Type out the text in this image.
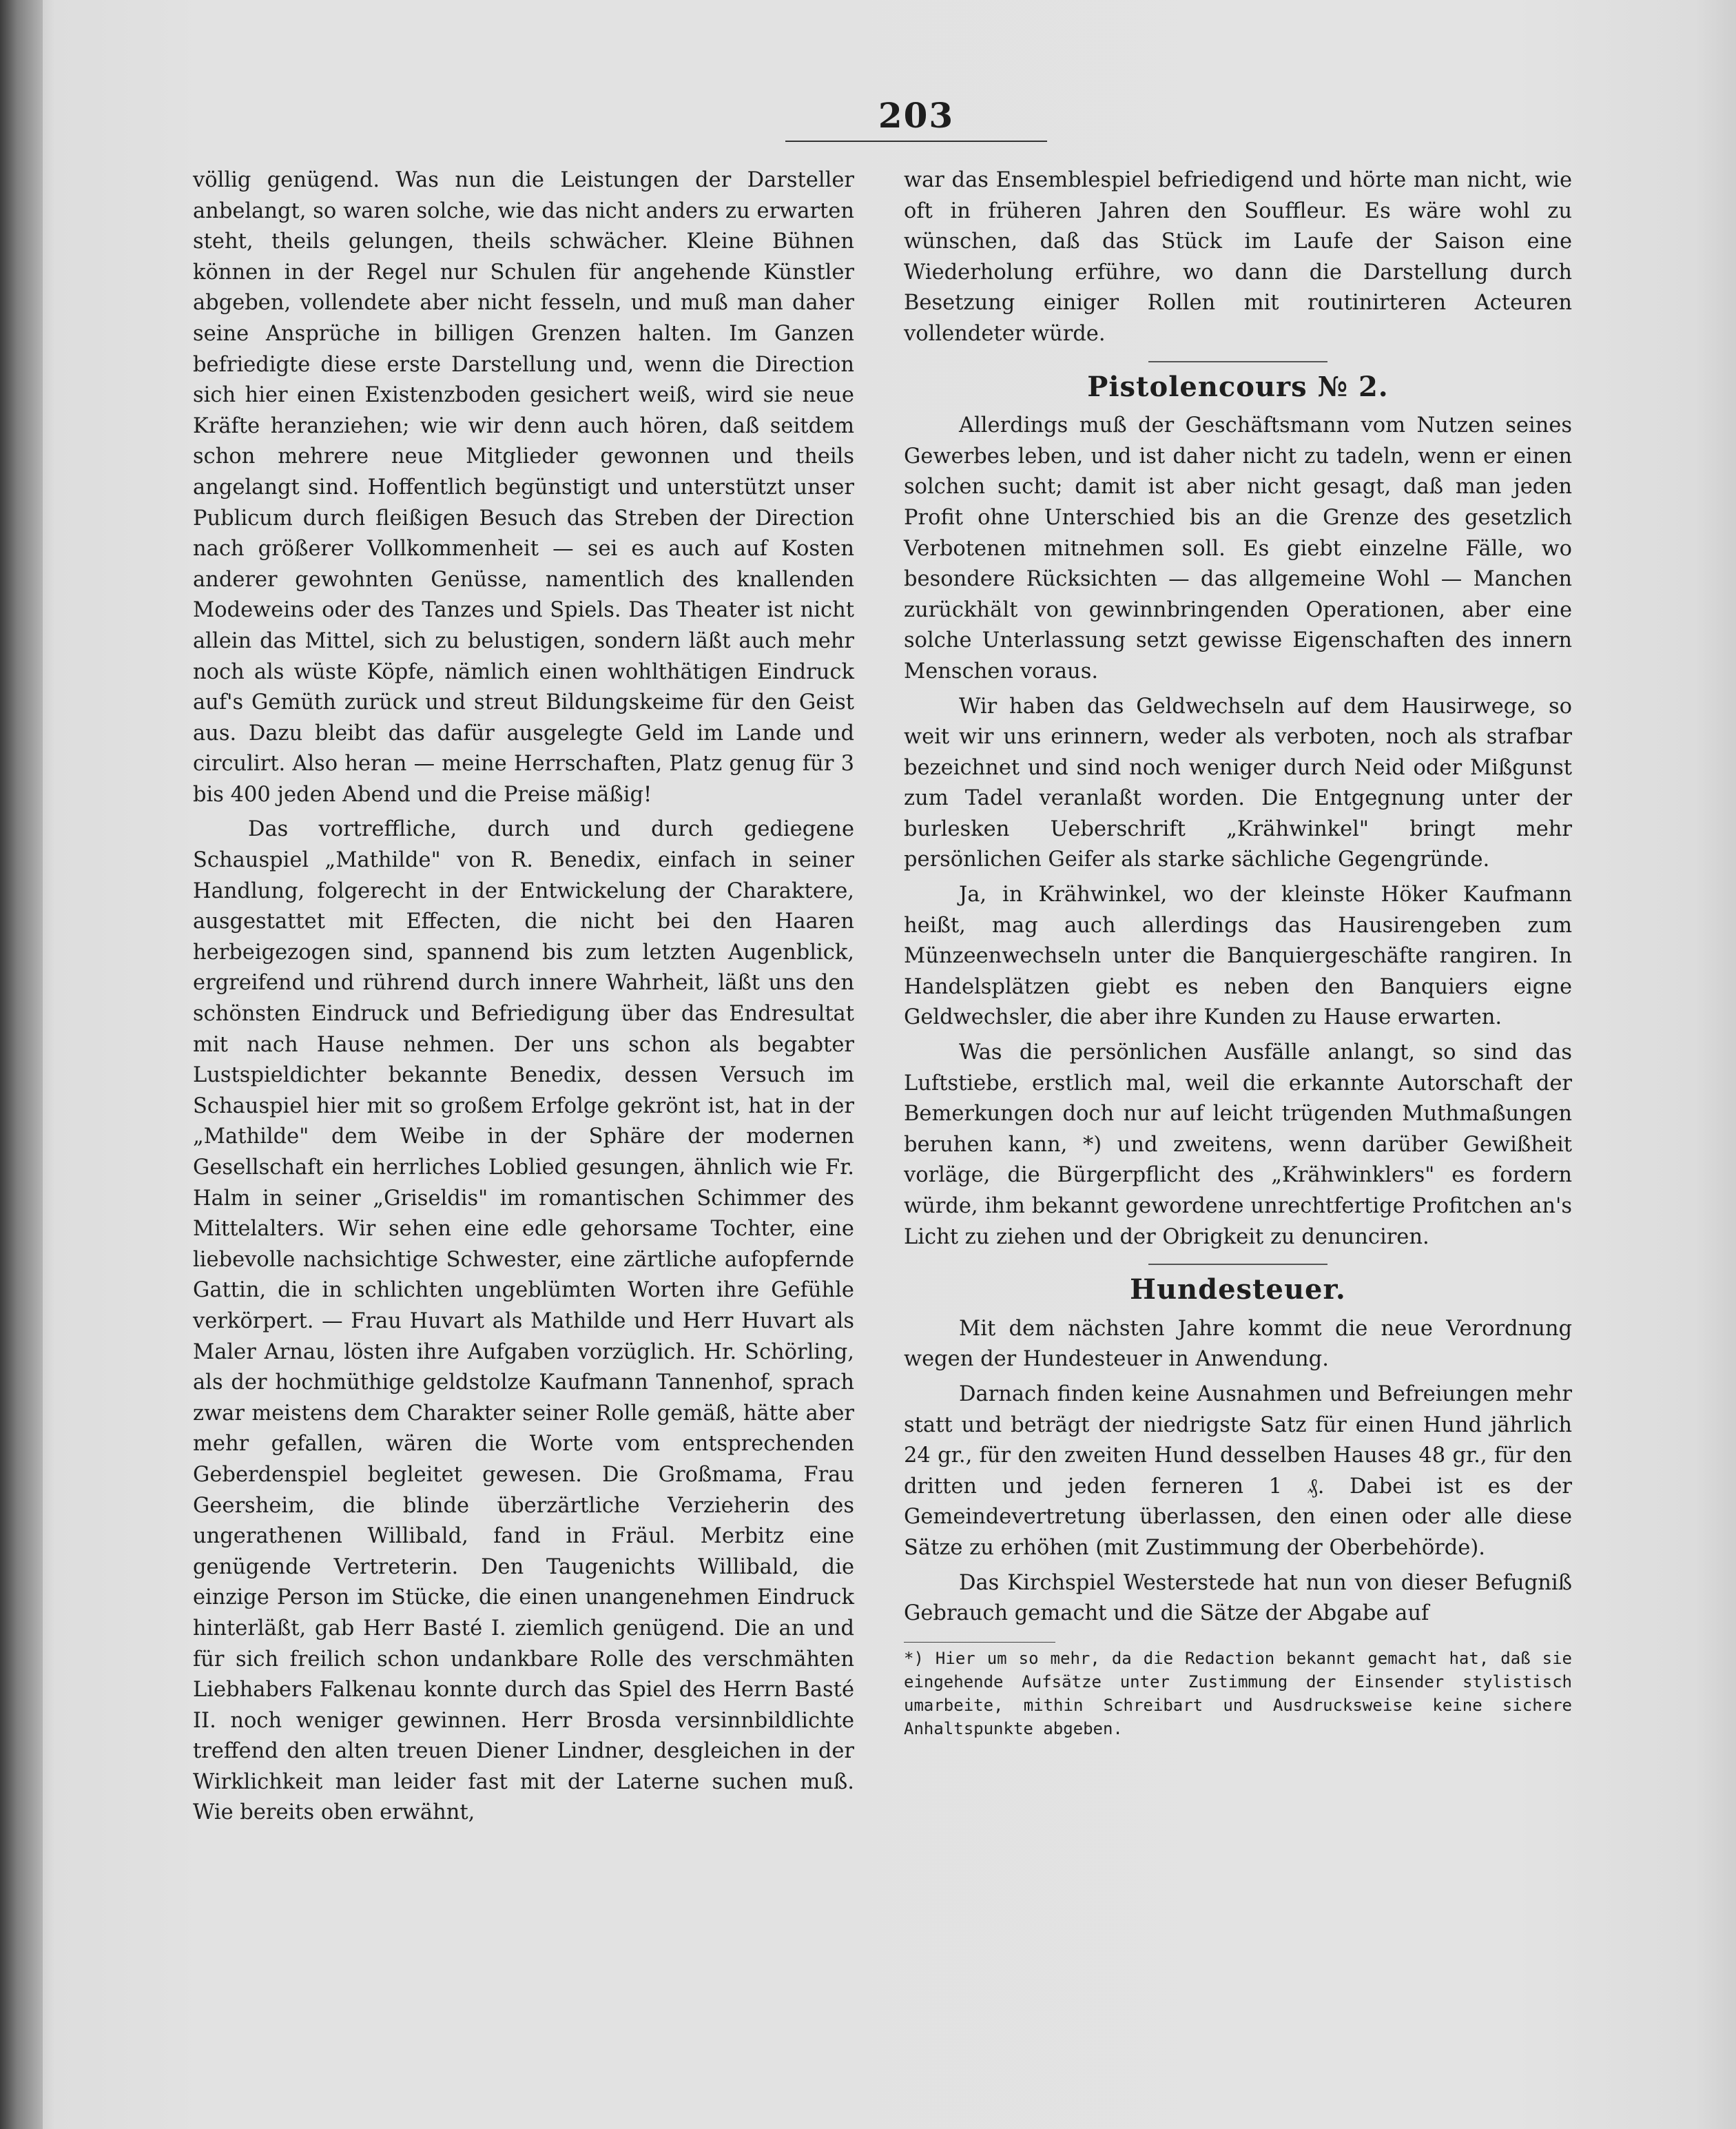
203

völlig genügend. Was nun die Leistungen der Darsteller anbelangt, so waren solche, wie das nicht anders zu erwarten steht, theils gelungen, theils schwächer. Kleine Bühnen können in der Regel nur Schulen für angehende Künstler abgeben, vollendete aber nicht fesseln, und muß man daher seine Ansprüche in billigen Grenzen halten. Im Ganzen befriedigte diese erste Darstellung und, wenn die Direction sich hier einen Existenzboden gesichert weiß, wird sie neue Kräfte heranziehen; wie wir denn auch hören, daß seitdem schon mehrere neue Mitglieder gewonnen und theils angelangt sind. Hoffentlich begünstigt und unterstützt unser Publicum durch fleißigen Besuch das Streben der Direction nach größerer Vollkommenheit — sei es auch auf Kosten anderer gewohnten Genüsse, namentlich des knallenden Modeweins oder des Tanzes und Spiels. Das Theater ist nicht allein das Mittel, sich zu belustigen, sondern läßt auch mehr noch als wüste Köpfe, nämlich einen wohlthätigen Eindruck auf's Gemüth zurück und streut Bildungskeime für den Geist aus. Dazu bleibt das dafür ausgelegte Geld im Lande und circulirt. Also heran — meine Herrschaften, Platz genug für 3 bis 400 jeden Abend und die Preise mäßig!

Das vortreffliche, durch und durch gediegene Schauspiel „Mathilde" von R. Benedix, einfach in seiner Handlung, folgerecht in der Entwickelung der Charaktere, ausgestattet mit Effecten, die nicht bei den Haaren herbeigezogen sind, spannend bis zum letzten Augenblick, ergreifend und rührend durch innere Wahrheit, läßt uns den schönsten Eindruck und Befriedigung über das Endresultat mit nach Hause nehmen. Der uns schon als begabter Lustspieldichter bekannte Benedix, dessen Versuch im Schauspiel hier mit so großem Erfolge gekrönt ist, hat in der „Mathilde" dem Weibe in der Sphäre der modernen Gesellschaft ein herrliches Loblied gesungen, ähnlich wie Fr. Halm in seiner „Griseldis" im romantischen Schimmer des Mittelalters. Wir sehen eine edle gehorsame Tochter, eine liebevolle nachsichtige Schwester, eine zärtliche aufopfernde Gattin, die in schlichten ungeblümten Worten ihre Gefühle verkörpert. — Frau Huvart als Mathilde und Herr Huvart als Maler Arnau, lösten ihre Aufgaben vorzüglich. Hr. Schörling, als der hochmüthige geldstolze Kaufmann Tannenhof, sprach zwar meistens dem Charakter seiner Rolle gemäß, hätte aber mehr gefallen, wären die Worte vom entsprechenden Geberdenspiel begleitet gewesen. Die Großmama, Frau Geersheim, die blinde überzärtliche Verzieherin des ungerathenen Willibald, fand in Fräul. Merbitz eine genügende Vertreterin. Den Taugenichts Willibald, die einzige Person im Stücke, die einen unangenehmen Eindruck hinterläßt, gab Herr Basté I. ziemlich genügend. Die an und für sich freilich schon undankbare Rolle des verschmähten Liebhabers Falkenau konnte durch das Spiel des Herrn Basté II. noch weniger gewinnen. Herr Brosda versinnbildlichte treffend den alten treuen Diener Lindner, desgleichen in der Wirklichkeit man leider fast mit der Laterne suchen muß. Wie bereits oben erwähnt,

war das Ensemblespiel befriedigend und hörte man nicht, wie oft in früheren Jahren den Souffleur. Es wäre wohl zu wünschen, daß das Stück im Laufe der Saison eine Wiederholung erführe, wo dann die Darstellung durch Besetzung einiger Rollen mit routinirteren Acteuren vollendeter würde.

Pistolencours № 2.

Allerdings muß der Geschäftsmann vom Nutzen seines Gewerbes leben, und ist daher nicht zu tadeln, wenn er einen solchen sucht; damit ist aber nicht gesagt, daß man jeden Profit ohne Unterschied bis an die Grenze des gesetzlich Verbotenen mitnehmen soll. Es giebt einzelne Fälle, wo besondere Rücksichten — das allgemeine Wohl — Manchen zurückhält von gewinnbringenden Operationen, aber eine solche Unterlassung setzt gewisse Eigenschaften des innern Menschen voraus.

Wir haben das Geldwechseln auf dem Hausirwege, so weit wir uns erinnern, weder als verboten, noch als strafbar bezeichnet und sind noch weniger durch Neid oder Mißgunst zum Tadel veranlaßt worden. Die Entgegnung unter der burlesken Ueberschrift „Krähwinkel" bringt mehr persönlichen Geifer als starke sächliche Gegengründe.

Ja, in Krähwinkel, wo der kleinste Höker Kaufmann heißt, mag auch allerdings das Hausirengeben zum Münzeenwechseln unter die Banquiergeschäfte rangiren. In Handelsplätzen giebt es neben den Banquiers eigne Geldwechsler, die aber ihre Kunden zu Hause erwarten.

Was die persönlichen Ausfälle anlangt, so sind das Luftstiebe, erstlich mal, weil die erkannte Autorschaft der Bemerkungen doch nur auf leicht trügenden Muthmaßungen beruhen kann, *) und zweitens, wenn darüber Gewißheit vorläge, die Bürgerpflicht des „Krähwinklers" es fordern würde, ihm bekannt gewordene unrechtfertige Profitchen an's Licht zu ziehen und der Obrigkeit zu denunciren.

Hundesteuer.

Mit dem nächsten Jahre kommt die neue Verordnung wegen der Hundesteuer in Anwendung.

Darnach finden keine Ausnahmen und Befreiungen mehr statt und beträgt der niedrigste Satz für einen Hund jährlich 24 gr., für den zweiten Hund desselben Hauses 48 gr., für den dritten und jeden ferneren 1 ₰. Dabei ist es der Gemeindevertretung überlassen, den einen oder alle diese Sätze zu erhöhen (mit Zustimmung der Oberbehörde).

Das Kirchspiel Westerstede hat nun von dieser Befugniß Gebrauch gemacht und die Sätze der Abgabe auf

*) Hier um so mehr, da die Redaction bekannt gemacht hat, daß sie eingehende Aufsätze unter Zustimmung der Einsender stylistisch umarbeite, mithin Schreibart und Ausdrucksweise keine sichere Anhaltspunkte abgeben.
